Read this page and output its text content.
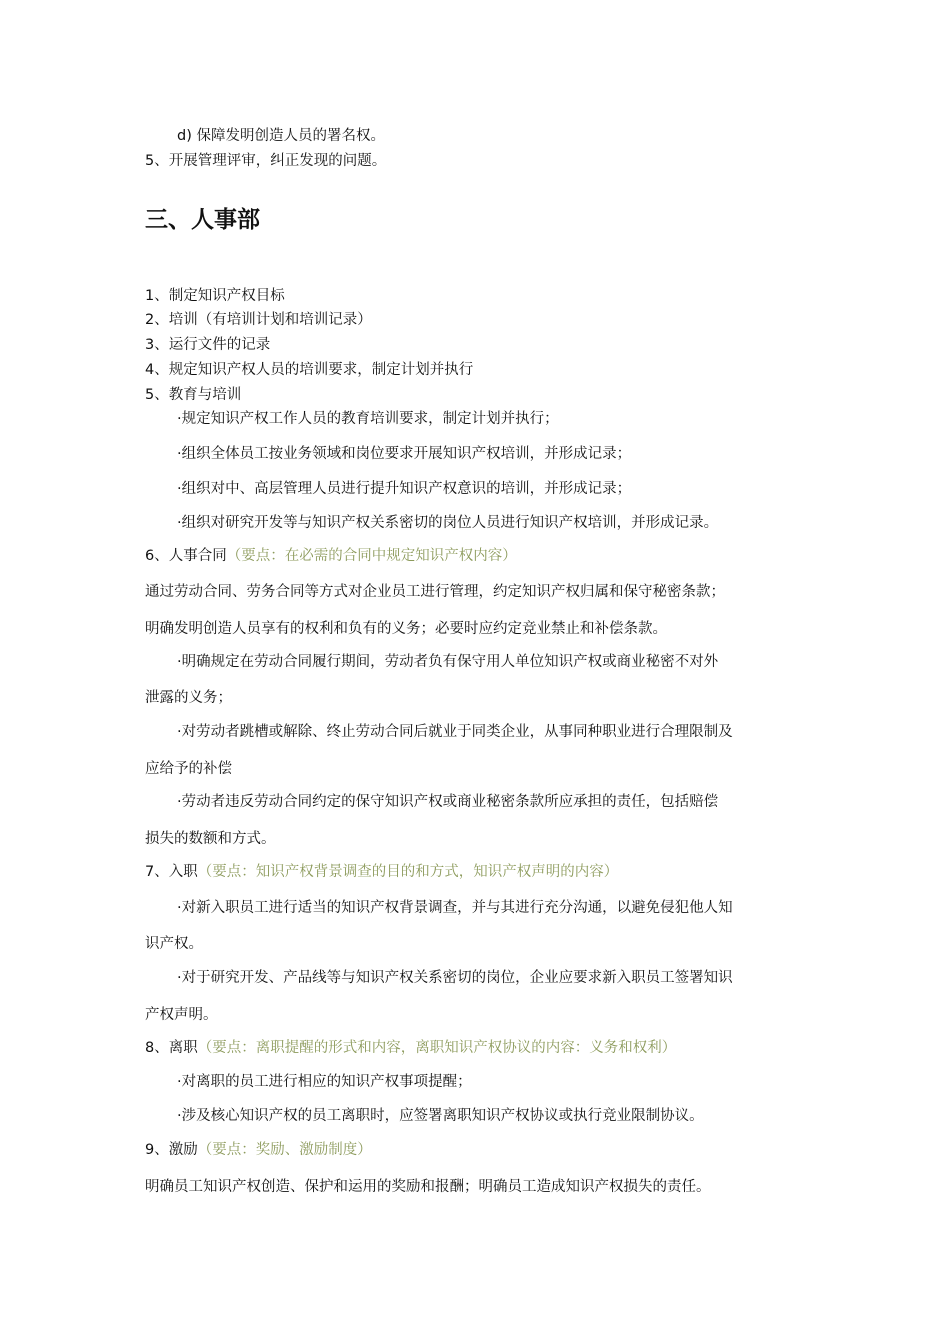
d) 保障发明创造人员的署名权。
5、开展管理评审，纠正发现的问题。
三、人事部
1、制定知识产权目标
2、培训（有培训计划和培训记录）
3、运行文件的记录
4、规定知识产权人员的培训要求，制定计划并执行
5、教育与培训
·规定知识产权工作人员的教育培训要求，制定计划并执行；
·组织全体员工按业务领域和岗位要求开展知识产权培训，并形成记录；
·组织对中、高层管理人员进行提升知识产权意识的培训，并形成记录；
·组织对研究开发等与知识产权关系密切的岗位人员进行知识产权培训，并形成记录。
6、人事合同（要点：在必需的合同中规定知识产权内容）
通过劳动合同、劳务合同等方式对企业员工进行管理，约定知识产权归属和保守秘密条款；
明确发明创造人员享有的权利和负有的义务；必要时应约定竞业禁止和补偿条款。
·明确规定在劳动合同履行期间，劳动者负有保守用人单位知识产权或商业秘密不对外
泄露的义务；
·对劳动者跳槽或解除、终止劳动合同后就业于同类企业，从事同种职业进行合理限制及
应给予的补偿
·劳动者违反劳动合同约定的保守知识产权或商业秘密条款所应承担的责任，包括赔偿
损失的数额和方式。
7、入职（要点：知识产权背景调查的目的和方式，知识产权声明的内容）
·对新入职员工进行适当的知识产权背景调查，并与其进行充分沟通，以避免侵犯他人知
识产权。
·对于研究开发、产品线等与知识产权关系密切的岗位，企业应要求新入职员工签署知识
产权声明。
8、离职（要点：离职提醒的形式和内容，离职知识产权协议的内容：义务和权利）
·对离职的员工进行相应的知识产权事项提醒；
·涉及核心知识产权的员工离职时，应签署离职知识产权协议或执行竞业限制协议。
9、激励（要点：奖励、激励制度）
明确员工知识产权创造、保护和运用的奖励和报酬；明确员工造成知识产权损失的责任。
